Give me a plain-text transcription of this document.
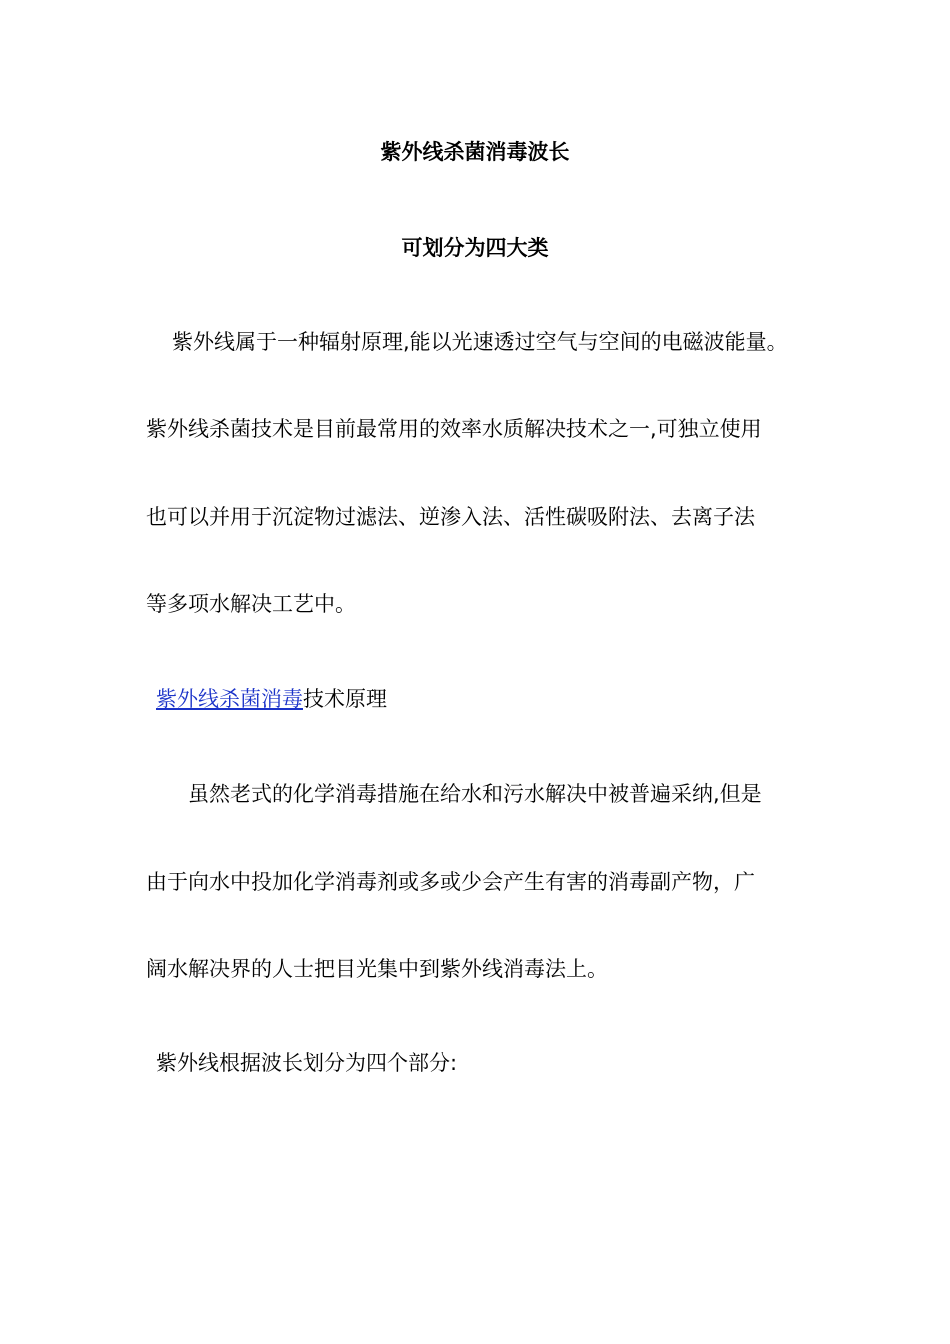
紫外线杀菌消毒波长
可划分为四大类

紫外线属于一种辐射原理,能以光速透过空气与空间的电磁波能量。

紫外线杀菌技术是目前最常用的效率水质解决技术之一,可独立使用

也可以并用于沉淀物过滤法、逆渗入法、活性碳吸附法、去离子法

等多项水解决工艺中。

紫外线杀菌消毒技术原理

虽然老式的化学消毒措施在给水和污水解决中被普遍采纳,但是

由于向水中投加化学消毒剂或多或少会产生有害的消毒副产物，广

阔水解决界的人士把目光集中到紫外线消毒法上。

紫外线根据波长划分为四个部分:
